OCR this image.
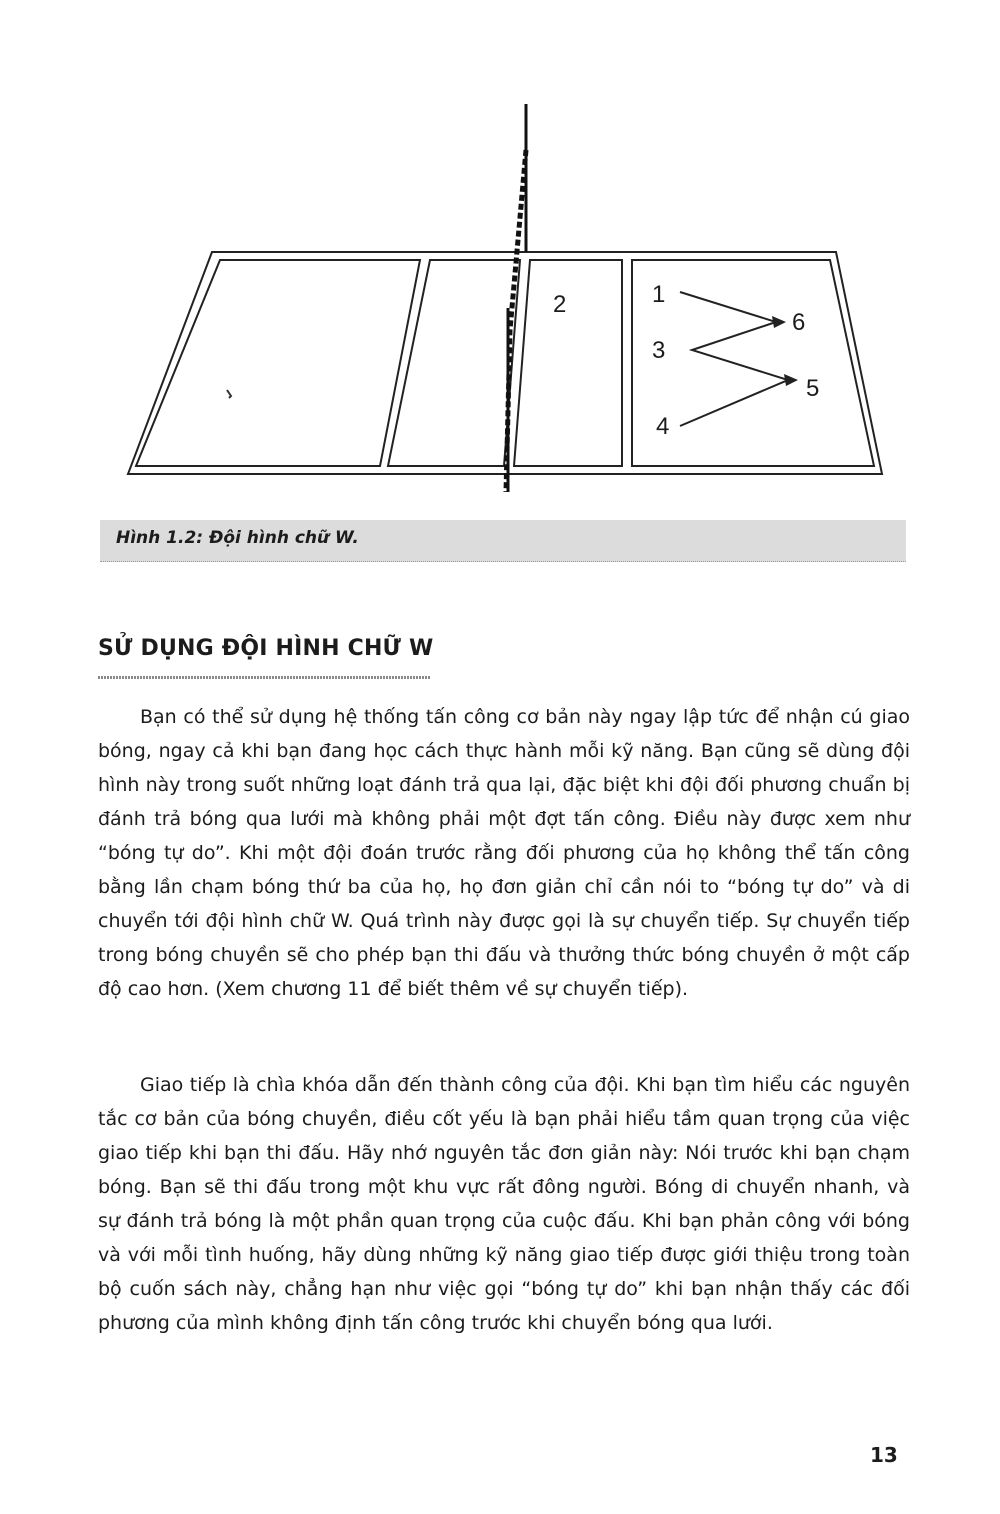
2	1
3
4
6
5
Hình 1.2: Đội hình chữ W.
SỬ DỤNG ĐỘI HÌNH CHỮ W

Bạn có thể sử dụng hệ thống tấn công cơ bản này ngay lập tức để nhận cú giao bóng, ngay cả khi bạn đang học cách thực hành mỗi kỹ năng. Bạn cũng sẽ dùng đội hình này trong suốt những loạt đánh trả qua lại, đặc biệt khi đội đối phương chuẩn bị đánh trả bóng qua lưới mà không phải một đợt tấn công. Điều này được xem như “bóng tự do”. Khi một đội đoán trước rằng đối phương của họ không thể tấn công bằng lần chạm bóng thứ ba của họ, họ đơn giản chỉ cần nói to “bóng tự do” và di chuyển tới đội hình chữ W. Quá trình này được gọi là sự chuyển tiếp. Sự chuyển tiếp trong bóng chuyền sẽ cho phép bạn thi đấu và thưởng thức bóng chuyền ở một cấp độ cao hơn. (Xem chương 11 để biết thêm về sự chuyển tiếp).

Giao tiếp là chìa khóa dẫn đến thành công của đội. Khi bạn tìm hiểu các nguyên tắc cơ bản của bóng chuyền, điều cốt yếu là bạn phải hiểu tầm quan trọng của việc giao tiếp khi bạn thi đấu. Hãy nhớ nguyên tắc đơn giản này: Nói trước khi bạn chạm bóng. Bạn sẽ thi đấu trong một khu vực rất đông người. Bóng di chuyển nhanh, và sự đánh trả bóng là một phần quan trọng của cuộc đấu. Khi bạn phản công với bóng và với mỗi tình huống, hãy dùng những kỹ năng giao tiếp được giới thiệu trong toàn bộ cuốn sách này, chẳng hạn như việc gọi “bóng tự do” khi bạn nhận thấy các đối phương của mình không định tấn công trước khi chuyển bóng qua lưới.

13
